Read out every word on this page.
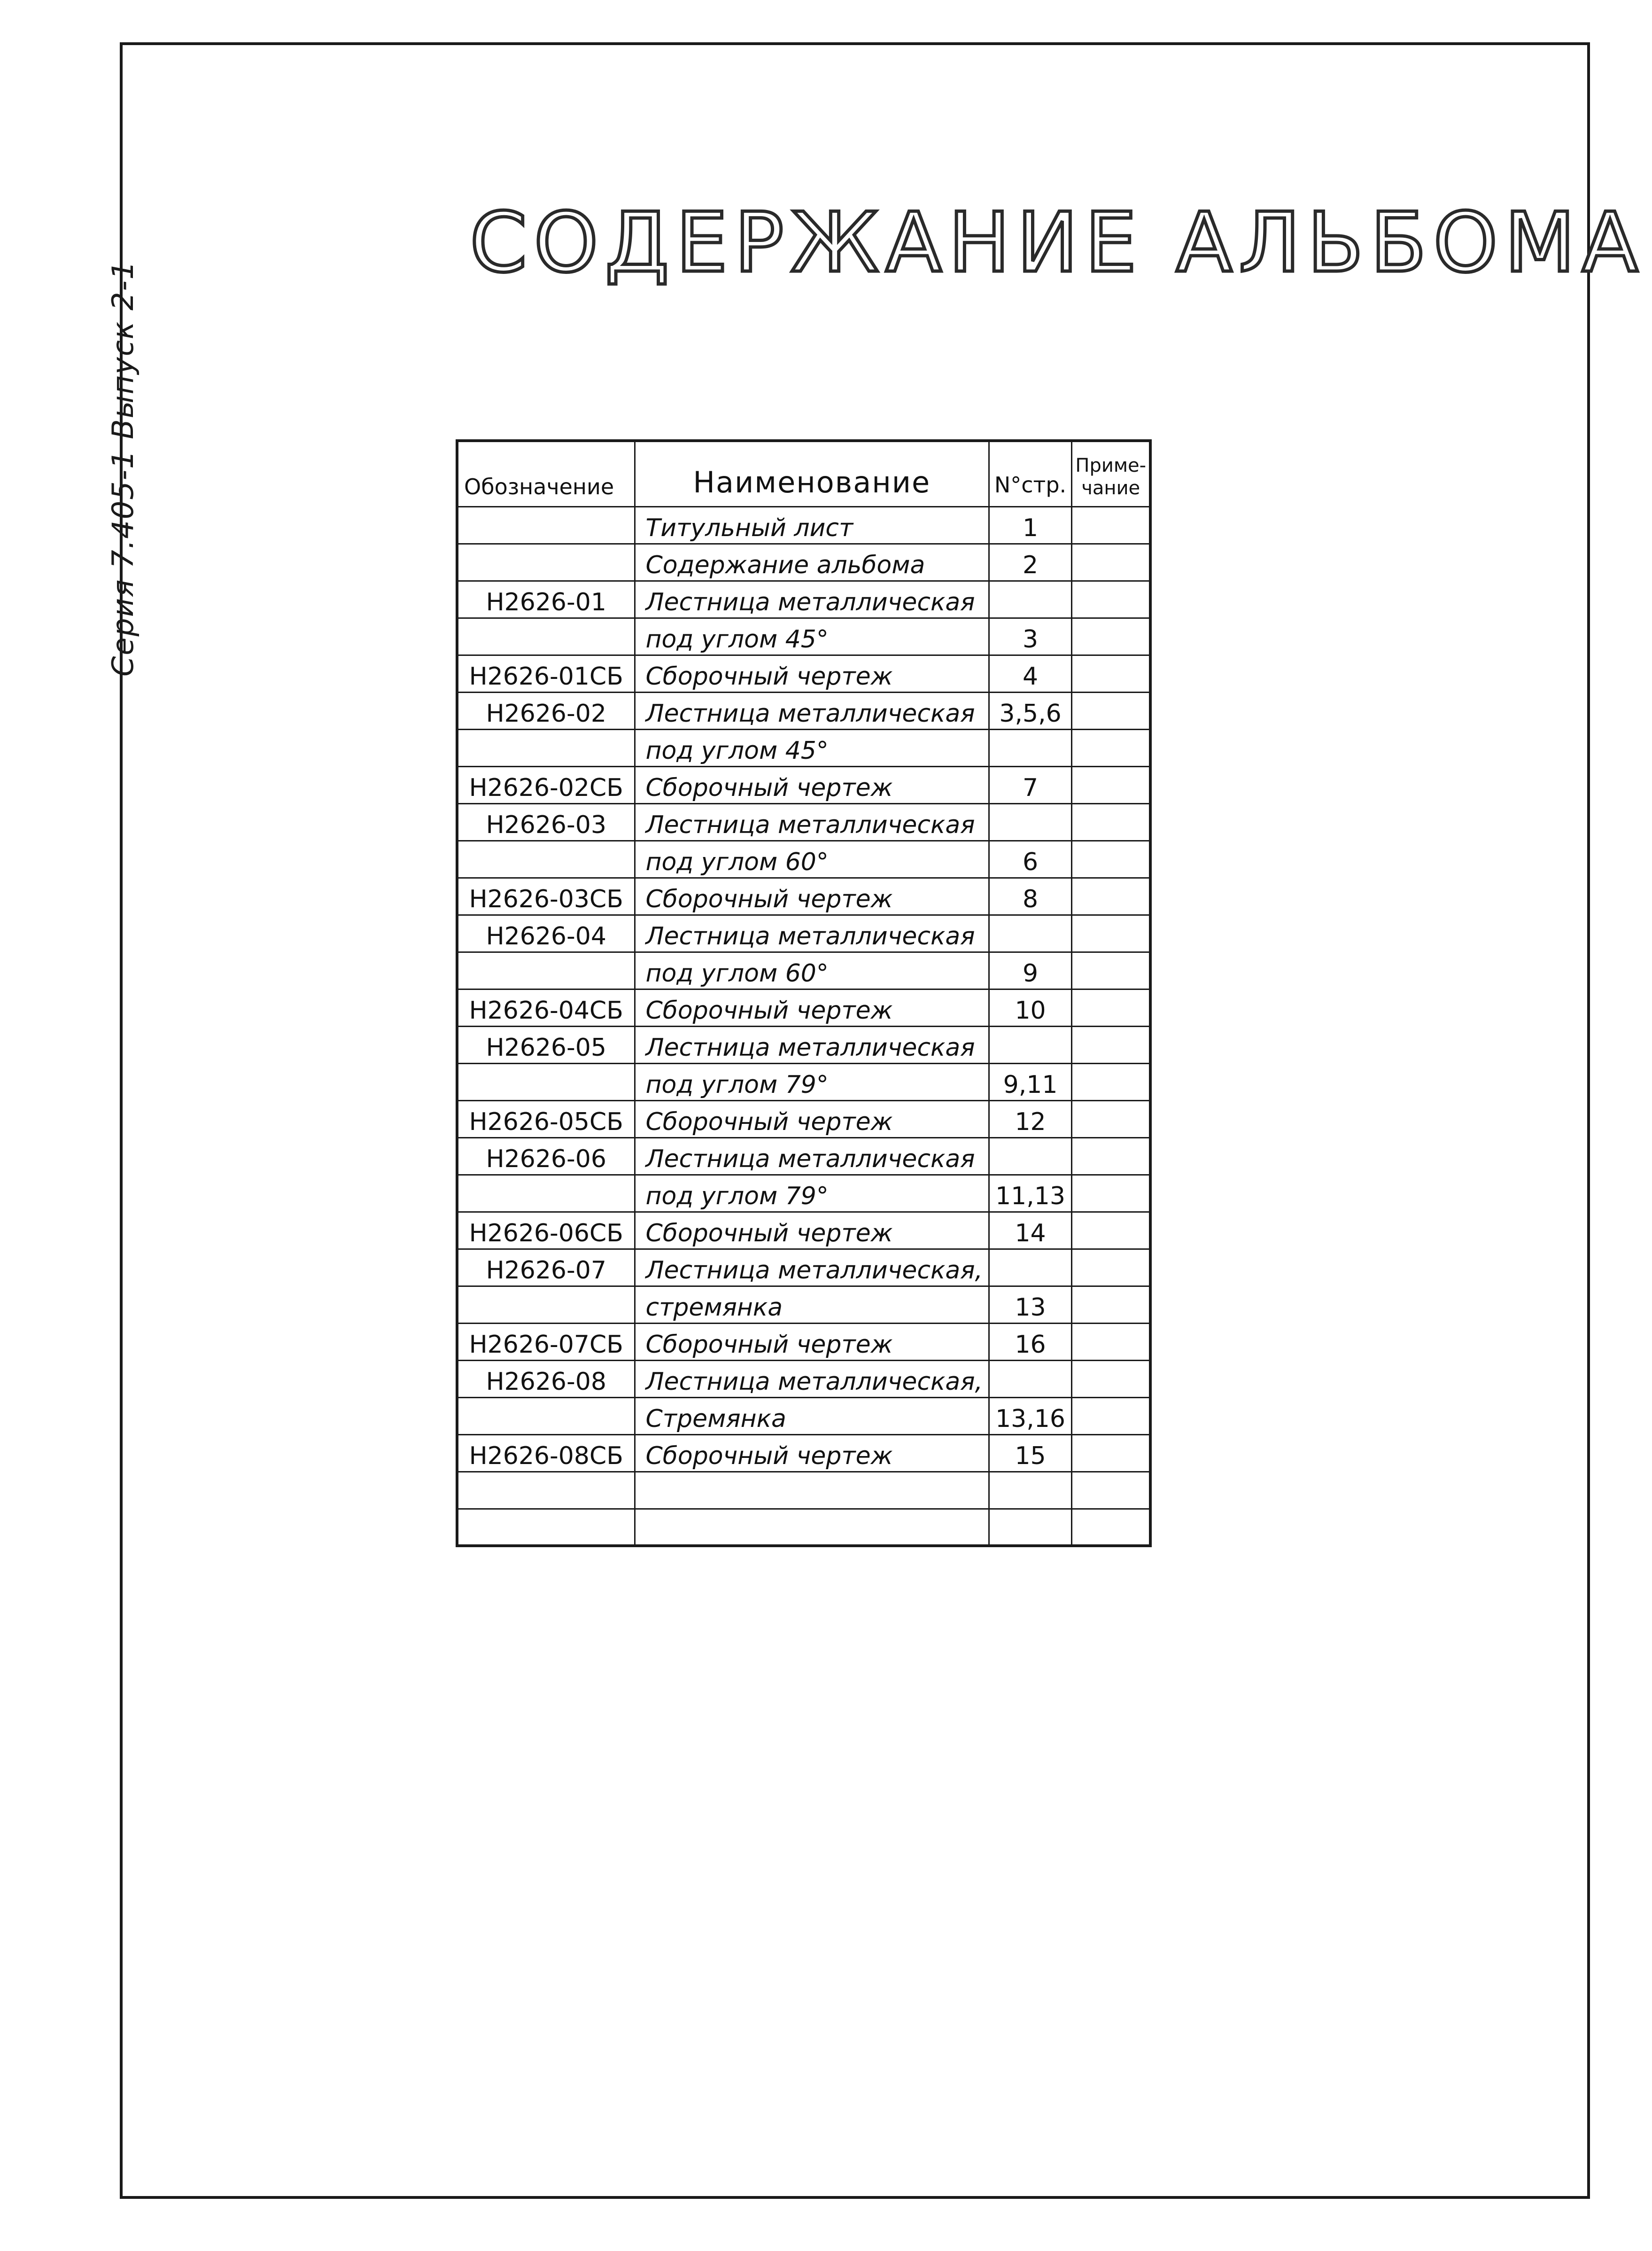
Серия 7.405-1 Выпуск 2-1
СОДЕРЖАНИЕ АЛЬБОМА
Обозначение	Наименование	N°стр.	Приме-чание
	Титульный лист	1	
	Содержание альбома	2	
Н2626-01	Лестница металлическая		
	под углом 45°	3	
Н2626-01СБ	Сборочный чертеж	4	
Н2626-02	Лестница металлическая	3,5,6	
	под углом 45°		
Н2626-02СБ	Сборочный чертеж	7	
Н2626-03	Лестница металлическая		
	под углом 60°	6	
Н2626-03СБ	Сборочный чертеж	8	
Н2626-04	Лестница металлическая		
	под углом 60°	9	
Н2626-04СБ	Сборочный чертеж	10	
Н2626-05	Лестница металлическая		
	под углом 79°	9,11	
Н2626-05СБ	Сборочный чертеж	12	
Н2626-06	Лестница металлическая		
	под углом 79°	11,13	
Н2626-06СБ	Сборочный чертеж	14	
Н2626-07	Лестница металлическая,		
	стремянка	13	
Н2626-07СБ	Сборочный чертеж	16	
Н2626-08	Лестница металлическая,		
	Стремянка	13,16	
Н2626-08СБ	Сборочный чертеж	15	
